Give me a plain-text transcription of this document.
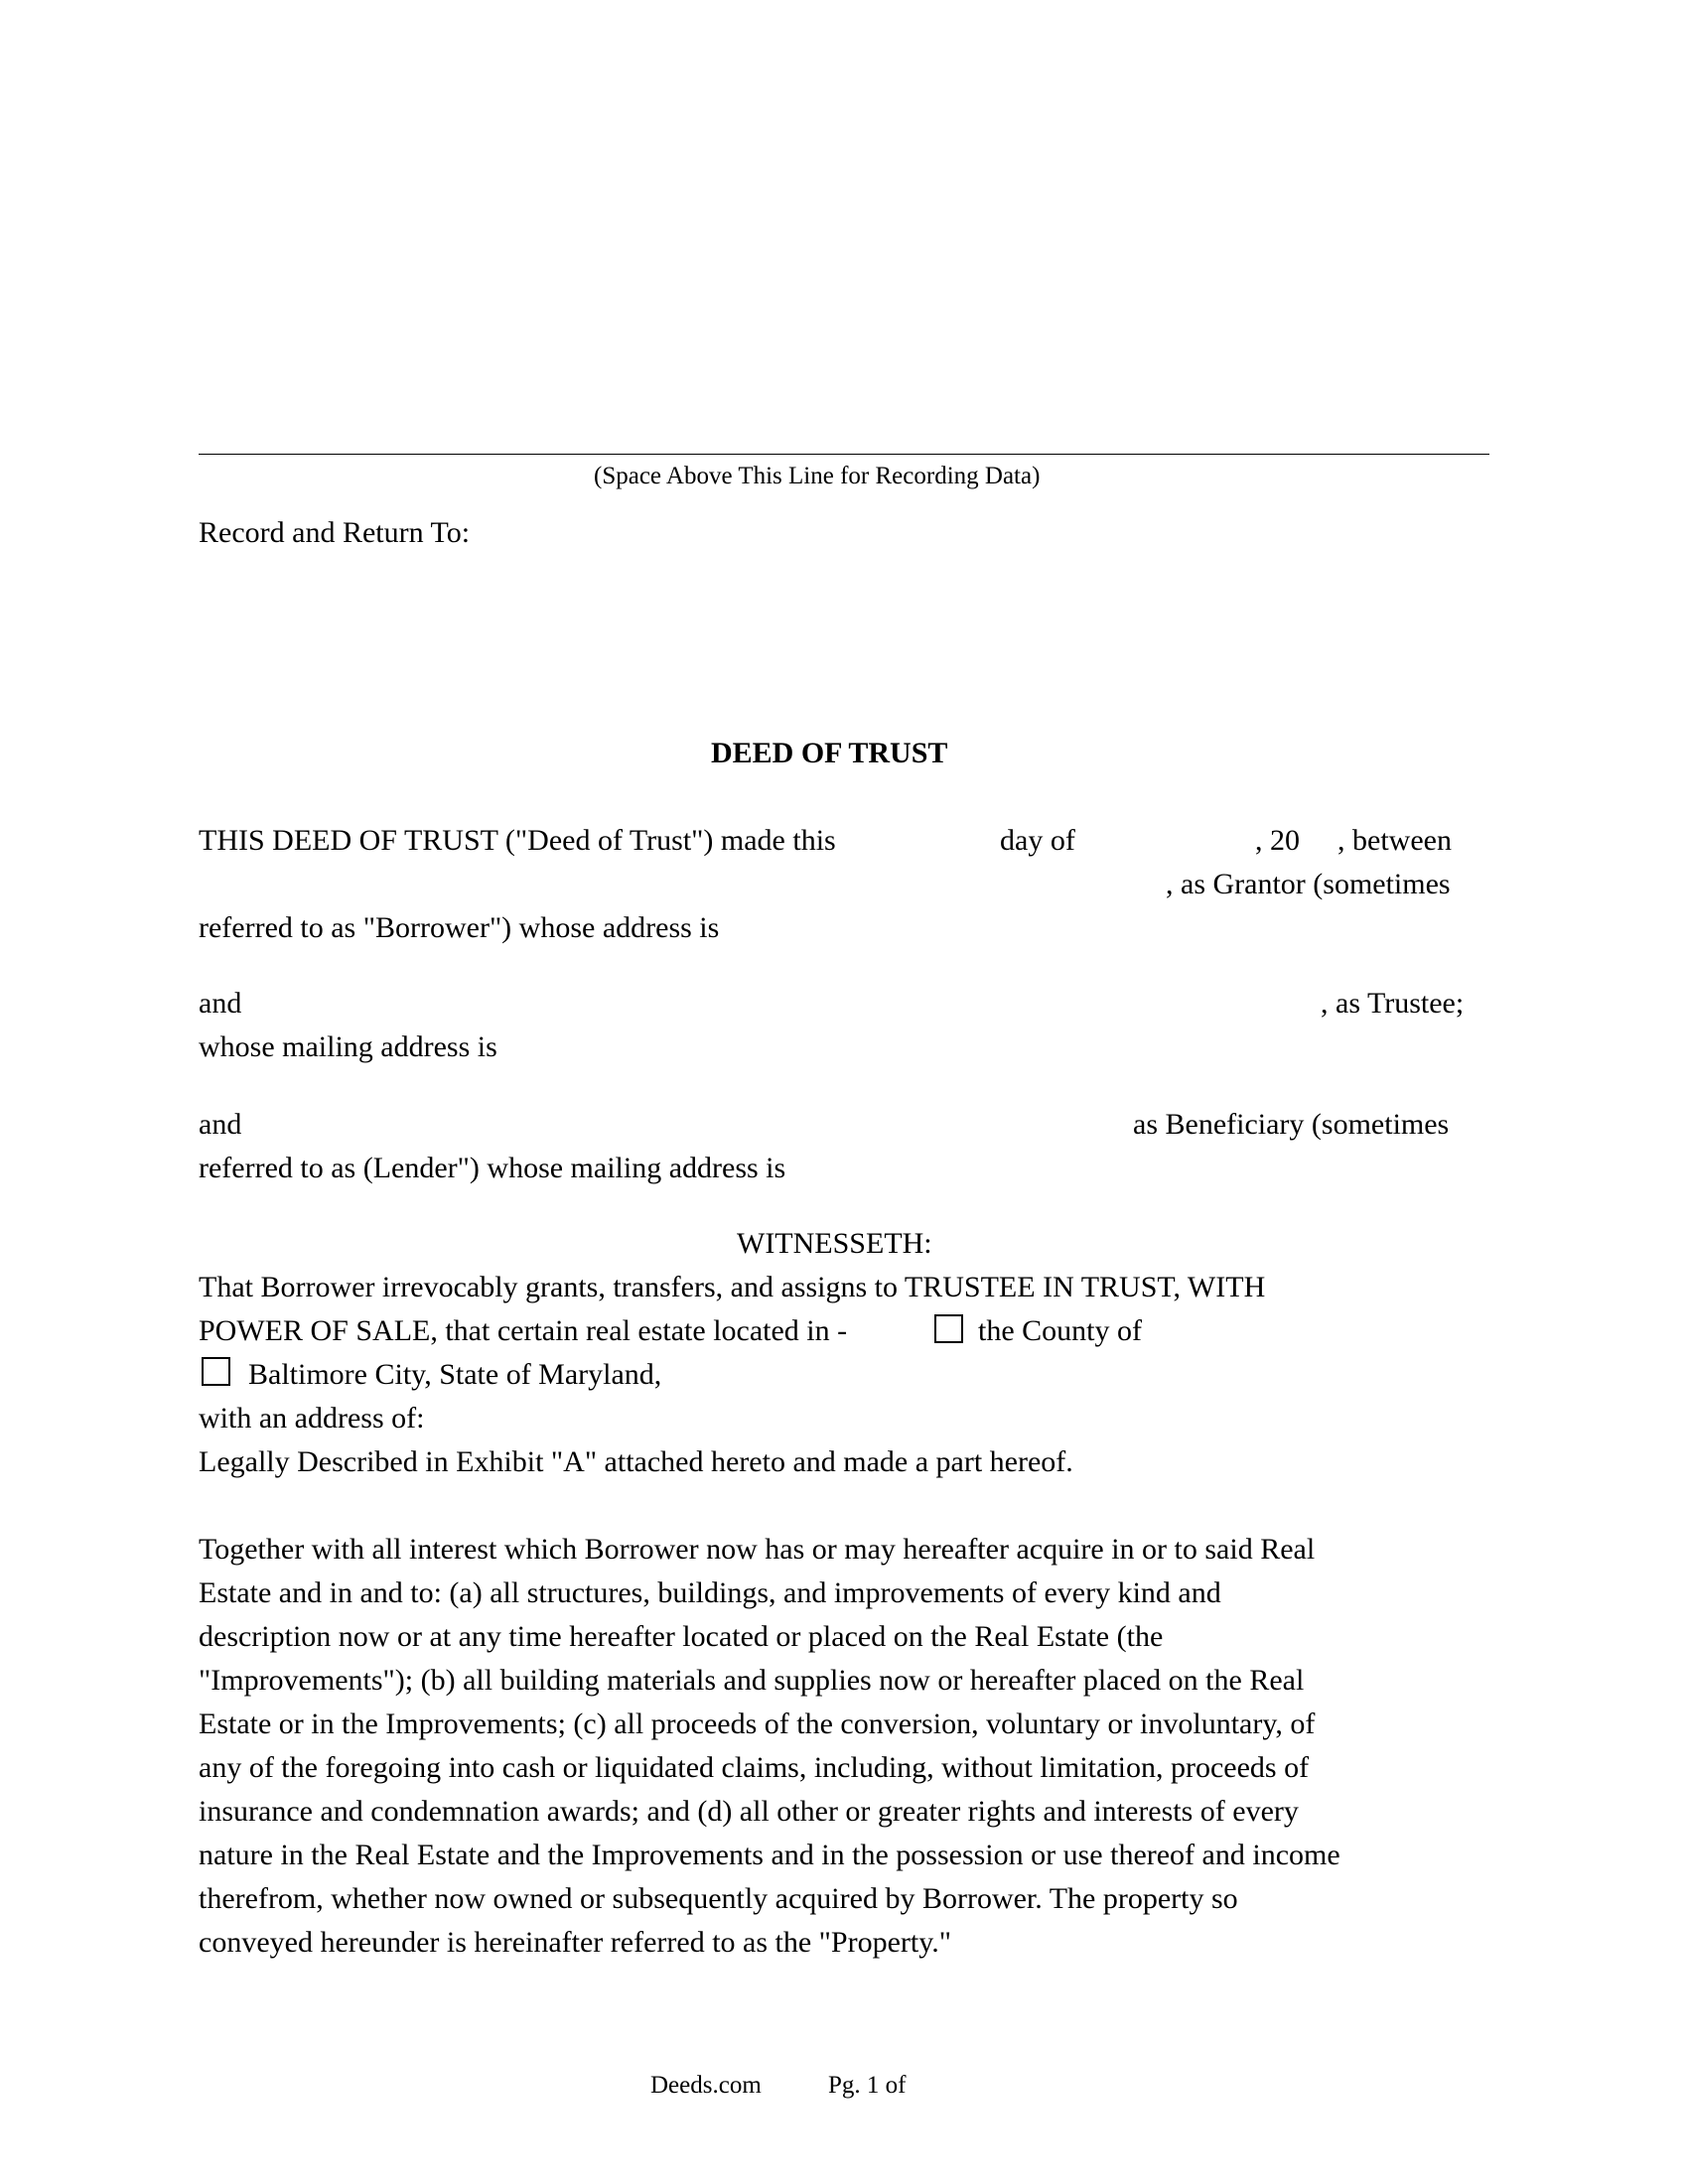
(Space Above This Line for Recording Data)
Record and Return To:
DEED OF TRUST
THIS DEED OF TRUST ("Deed of Trust") made this	day of	, 20 , between
, as Grantor (sometimes
referred to as "Borrower") whose address is
and	, as Trustee;
whose mailing address is
and	as Beneficiary (sometimes
referred to as (Lender") whose mailing address is
WITNESSETH:
That Borrower irrevocably grants, transfers, and assigns to TRUSTEE IN TRUST, WITH
POWER OF SALE, that certain real estate located in -	the County of
Baltimore City, State of Maryland,
with an address of:
Legally Described in Exhibit "A" attached hereto and made a part hereof.
Together with all interest which Borrower now has or may hereafter acquire in or to said Real
Estate and in and to: (a) all structures, buildings, and improvements of every kind and
description now or at any time hereafter located or placed on the Real Estate (the
"Improvements"); (b) all building materials and supplies now or hereafter placed on the Real
Estate or in the Improvements; (c) all proceeds of the conversion, voluntary or involuntary, of
any of the foregoing into cash or liquidated claims, including, without limitation, proceeds of
insurance and condemnation awards; and (d) all other or greater rights and interests of every
nature in the Real Estate and the Improvements and in the possession or use thereof and income
therefrom, whether now owned or subsequently acquired by Borrower. The property so
conveyed hereunder is hereinafter referred to as the "Property."
Deeds.com	Pg. 1 of
